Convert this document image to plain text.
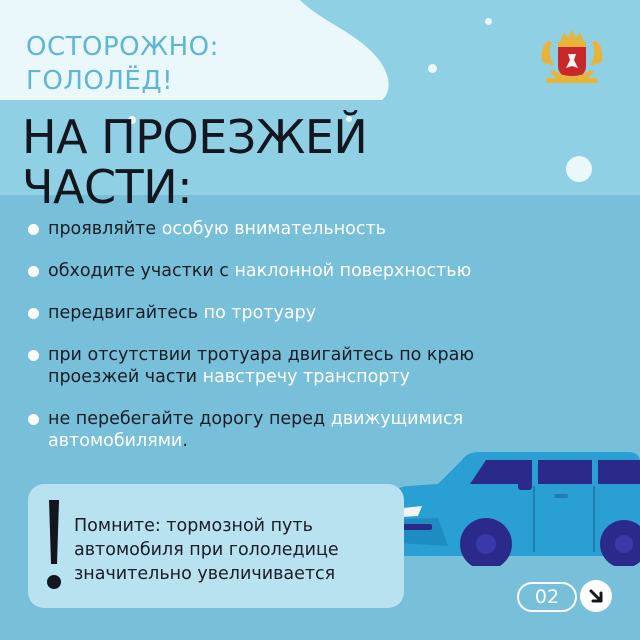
ОСТОРОЖНО:
ГОЛОЛЁД!
НА ПРОЕЗЖЕЙ
ЧАСТИ:
проявляйте особую внимательность
обходите участки с наклонной поверхностью
передвигайтесь по тротуару
при отсутствии тротуара двигайтесь по краю проезжей части навстречу транспорту
не перебегайте дорогу перед движущимися автомобилями.

Помните: тормозной путь
автомобиля при гололедице
значительно увеличивается

02
